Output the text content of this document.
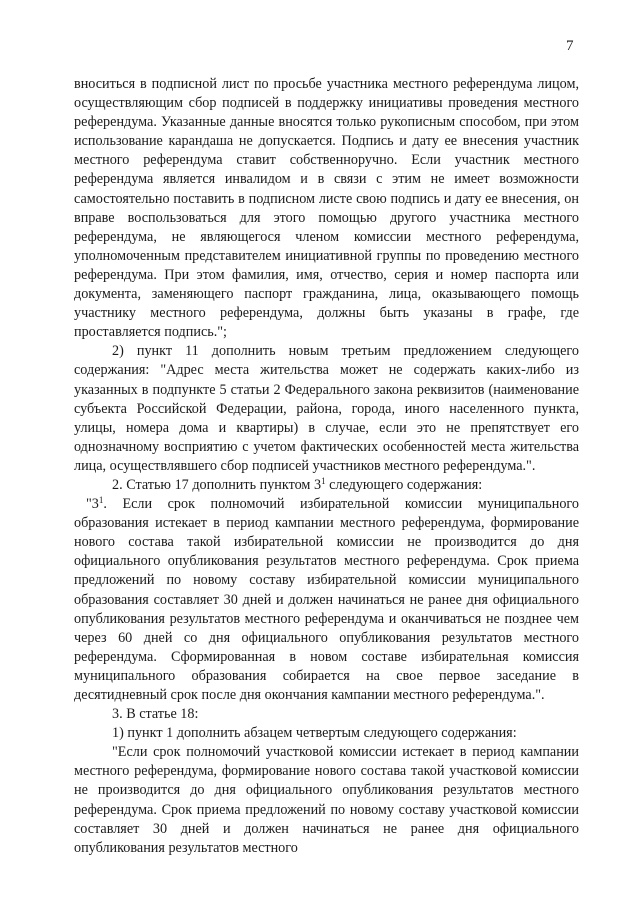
7

вноситься в подписной лист по просьбе участника местного референдума лицом, осуществляющим сбор подписей в поддержку инициативы проведения местного референдума. Указанные данные вносятся только рукописным способом, при этом использование карандаша не допускается. Подпись и дату ее внесения участник местного референдума ставит собственноручно. Если участник местного референдума является инвалидом и в связи с этим не имеет возможности самостоятельно поставить в подписном листе свою подпись и дату ее внесения, он вправе воспользоваться для этого помощью другого участника местного референдума, не являющегося членом комиссии местного референдума, уполномоченным представителем инициативной группы по проведению местного референдума. При этом фамилия, имя, отчество, серия и номер паспорта или документа, заменяющего паспорт гражданина, лица, оказывающего помощь участнику местного референдума, должны быть указаны в графе, где проставляется подпись.";

2) пункт 11 дополнить новым третьим предложением следующего содержания: "Адрес места жительства может не содержать каких-либо из указанных в подпункте 5 статьи 2 Федерального закона реквизитов (наименование субъекта Российской Федерации, района, города, иного населенного пункта, улицы, номера дома и квартиры) в случае, если это не препятствует его однозначному восприятию с учетом фактических особенностей места жительства лица, осуществлявшего сбор подписей участников местного референдума.".

2. Статью 17 дополнить пунктом $3^1$ следующего содержания:

"$3^1$. Если срок полномочий избирательной комиссии муниципального образования истекает в период кампании местного референдума, формирование нового состава такой избирательной комиссии не производится до дня официального опубликования результатов местного референдума. Срок приема предложений по новому составу избирательной комиссии муниципального образования составляет 30 дней и должен начинаться не ранее дня официального опубликования результатов местного референдума и оканчиваться не позднее чем через 60 дней со дня официального опубликования результатов местного референдума. Сформированная в новом составе избирательная комиссия муниципального образования собирается на свое первое заседание в десятидневный срок после дня окончания кампании местного референдума.".

3. В статье 18:

1) пункт 1 дополнить абзацем четвертым следующего содержания:

"Если срок полномочий участковой комиссии истекает в период кампании местного референдума, формирование нового состава такой участковой комиссии не производится до дня официального опубликования результатов местного референдума. Срок приема предложений по новому составу участковой комиссии составляет 30 дней и должен начинаться не ранее дня официального опубликования результатов местного
